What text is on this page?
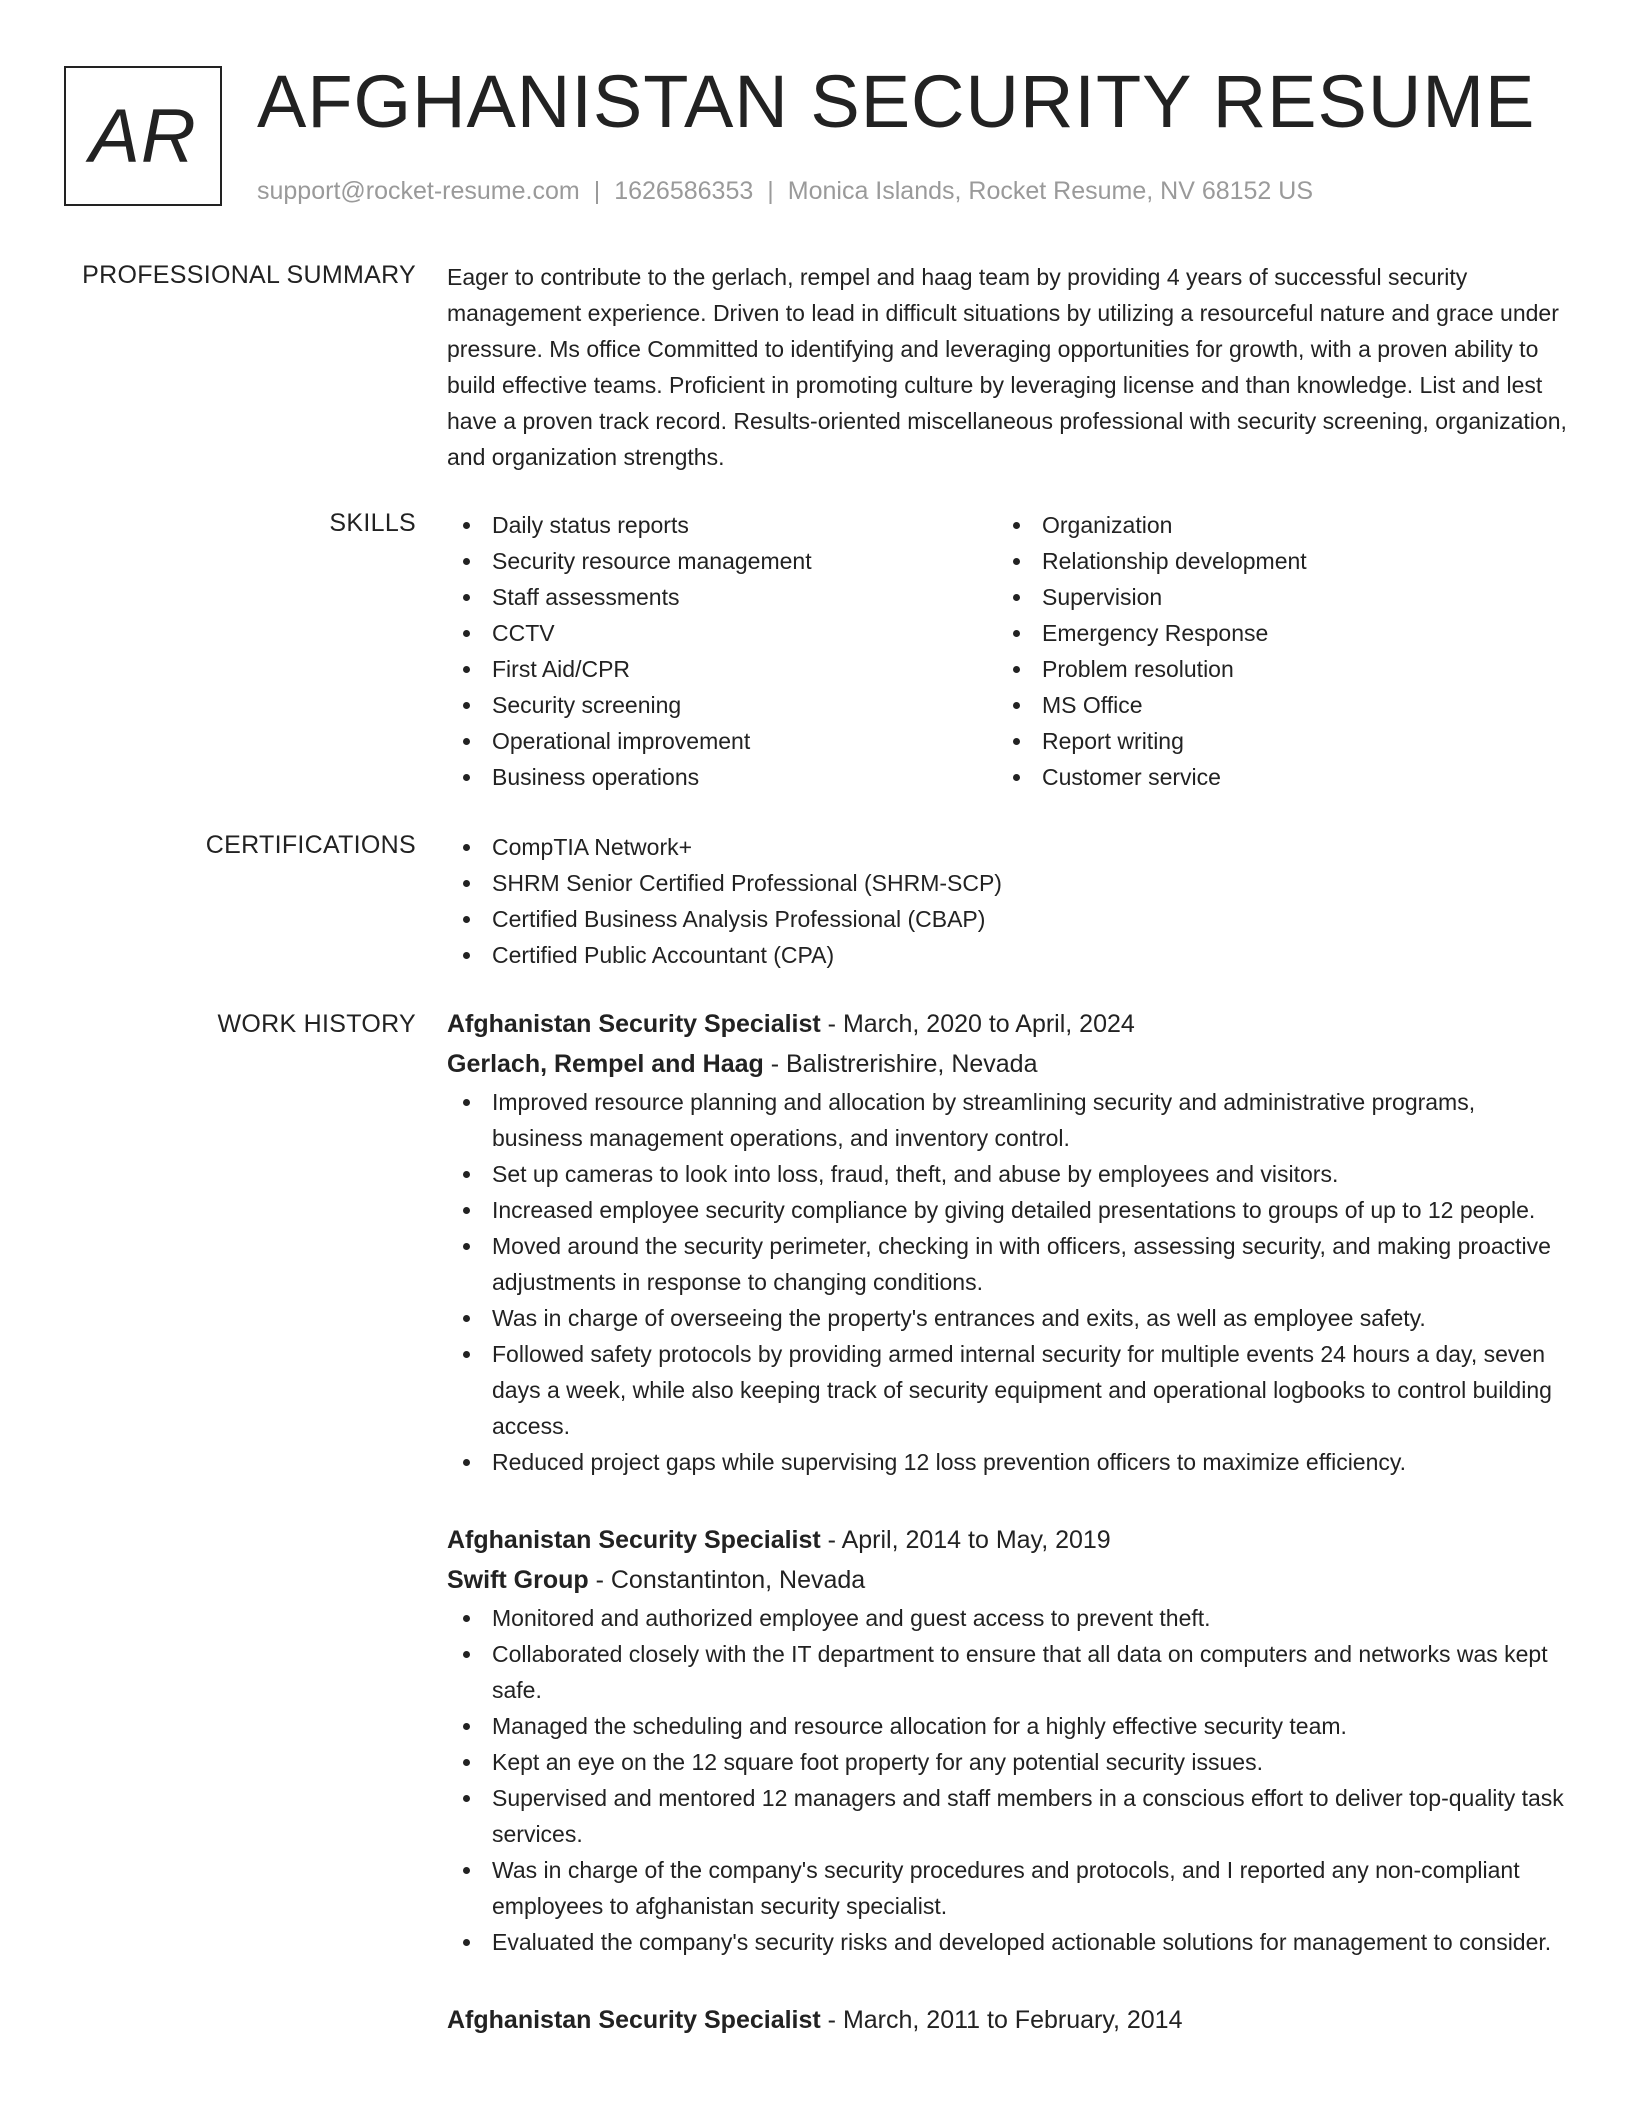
AR AFGHANISTAN SECURITY RESUME
support@rocket-resume.com | 1626586353 | Monica Islands, Rocket Resume, NV 68152 US
PROFESSIONAL SUMMARY Eager to contribute to the gerlach, rempel and haag team by providing 4 years of successful security management experience. Driven to lead in difficult situations by utilizing a resourceful nature and grace under pressure. Ms office Committed to identifying and leveraging opportunities for growth, with a proven ability to build effective teams. Proficient in promoting culture by leveraging license and than knowledge. List and lest have a proven track record. Results-oriented miscellaneous professional with security screening, organization, and organization strengths.

SKILLS	Daily status reports
Security resource management
Staff assessments
CCTV
First Aid/CPR
Security screening
Operational improvement
Business operations
Organization
Relationship development
Supervision
Emergency Response
Problem resolution
MS Office
Report writing
Customer service
CERTIFICATIONS	CompTIA Network+
SHRM Senior Certified Professional (SHRM-SCP)
Certified Business Analysis Professional (CBAP)
Certified Public Accountant (CPA)
WORK HISTORY Afghanistan Security Specialist - March, 2020 to April, 2024
Gerlach, Rempel and Haag - Balistrerishire, Nevada
Improved resource planning and allocation by streamlining security and administrative programs, business management operations, and inventory control.
Set up cameras to look into loss, fraud, theft, and abuse by employees and visitors.
Increased employee security compliance by giving detailed presentations to groups of up to 12 people.
Moved around the security perimeter, checking in with officers, assessing security, and making proactive adjustments in response to changing conditions.
Was in charge of overseeing the property's entrances and exits, as well as employee safety.
Followed safety protocols by providing armed internal security for multiple events 24 hours a day, seven days a week, while also keeping track of security equipment and operational logbooks to control building access.
Reduced project gaps while supervising 12 loss prevention officers to maximize efficiency.
Afghanistan Security Specialist - April, 2014 to May, 2019
Swift Group - Constantinton, Nevada
Monitored and authorized employee and guest access to prevent theft.
Collaborated closely with the IT department to ensure that all data on computers and networks was kept safe.
Managed the scheduling and resource allocation for a highly effective security team.
Kept an eye on the 12 square foot property for any potential security issues.
Supervised and mentored 12 managers and staff members in a conscious effort to deliver top-quality task services.
Was in charge of the company's security procedures and protocols, and I reported any non-compliant employees to afghanistan security specialist.
Evaluated the company's security risks and developed actionable solutions for management to consider.
Afghanistan Security Specialist - March, 2011 to February, 2014
